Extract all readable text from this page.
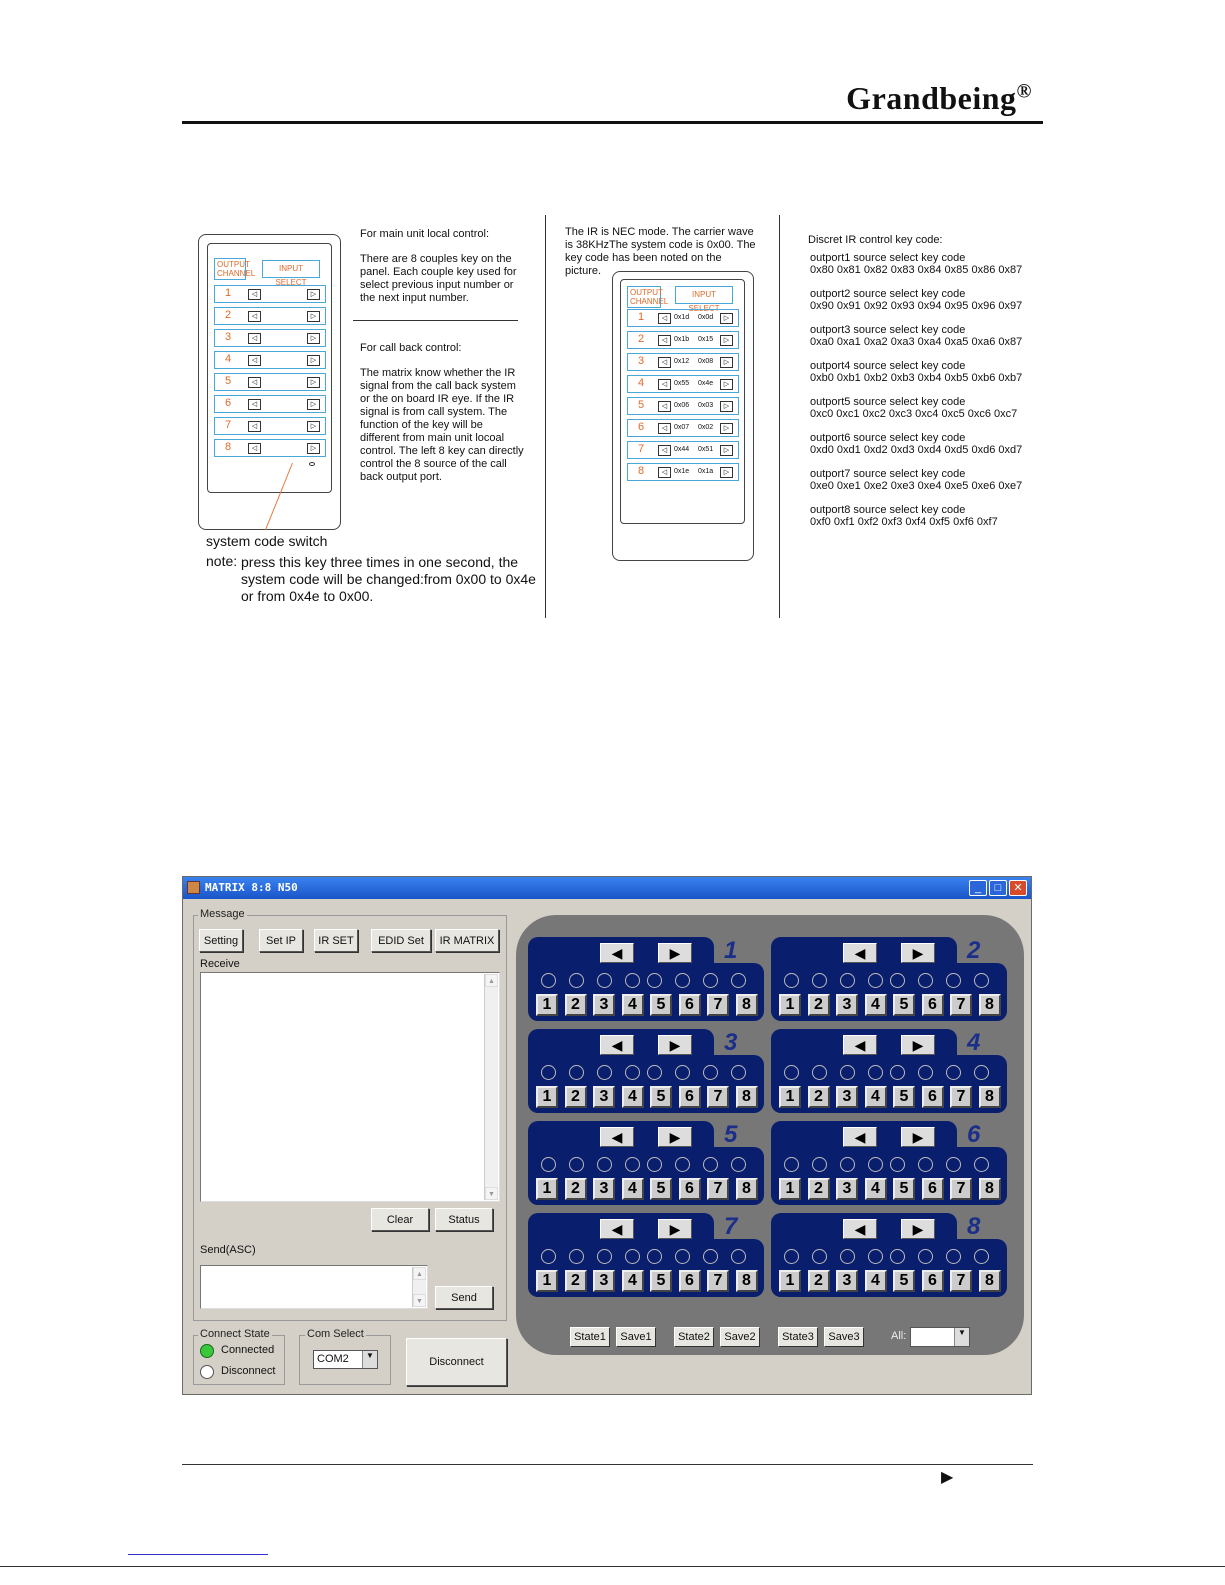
Grandbeing®
OUTPUT CHANNEL
INPUT SELECT
1	◁	▷
2	◁	▷
3	◁	▷
4	◁	▷
5	◁	▷
6	◁	▷
7	◁	▷
8	◁	▷
system code switch
note: press this key three times in one second, the system code will be changed:from 0x00 to 0x4e or from 0x4e to 0x00.
For main unit local control:
There are 8 couples key on the panel. Each couple key used for select previous input number or the next input number.
For call back control:
The matrix know whether the IR signal from the call back system or the on board IR eye. If the IR signal is from call system. The function of the key will be different from main unit locoal control. The left 8 key can directly control the 8 source of the call back output port.
The IR is NEC mode. The carrier wave is 38KHzThe system code is 0x00. The key code has been noted on the picture.
OUTPUT CHANNEL
INPUT SELECT
1	◁ 0x1d 0x0d	▷
2	◁ 0x1b 0x15	▷
3	◁ 0x12 0x08	▷
4	◁ 0x55 0x4e	▷
5	◁ 0x06 0x03	▷
6	◁ 0x07 0x02	▷
7	◁ 0x44 0x51	▷
8	◁ 0x1e 0x1a	▷
Discret IR control key code:
outport1 source select key code
0x80 0x81 0x82 0x83 0x84 0x85 0x86 0x87
outport2 source select key code
0x90 0x91 0x92 0x93 0x94 0x95 0x96 0x97
outport3 source select key code
0xa0 0xa1 0xa2 0xa3 0xa4 0xa5 0xa6 0x87
outport4 source select key code
0xb0 0xb1 0xb2 0xb3 0xb4 0xb5 0xb6 0xb7
outport5 source select key code
0xc0 0xc1 0xc2 0xc3 0xc4 0xc5 0xc6 0xc7
outport6 source select key code
0xd0 0xd1 0xd2 0xd3 0xd4 0xd5 0xd6 0xd7
outport7 source select key code
0xe0 0xe1 0xe2 0xe3 0xe4 0xe5 0xe6 0xe7
outport8 source select key code
0xf0 0xf1 0xf2 0xf3 0xf4 0xf5 0xf6 0xf7
MATRIX 8:8 N50	_	□	✕
Message
Setting	Set IP	IR SET	EDID Set	IR MATRIX
Receive
▲
▼
Clear	Status
Send(ASC)
▲
▼	Send
Connect State
Connected
Disconnect
Com Select
COM2	▼
Disconnect
1
◀	▶
1	2	3	4	5	6	7	8
2
◀	▶
1	2	3	4	5	6	7	8
3
◀	▶
1	2	3	4	5	6	7	8
4
◀	▶
1	2	3	4	5	6	7	8
5
◀	▶
1	2	3	4	5	6	7	8
6
◀	▶
1	2	3	4	5	6	7	8
7
◀	▶
1	2	3	4	5	6	7	8
8
◀	▶
1	2	3	4	5	6	7	8
State1	Save1	State2	Save2	State3	Save3	All:	▼
▶
